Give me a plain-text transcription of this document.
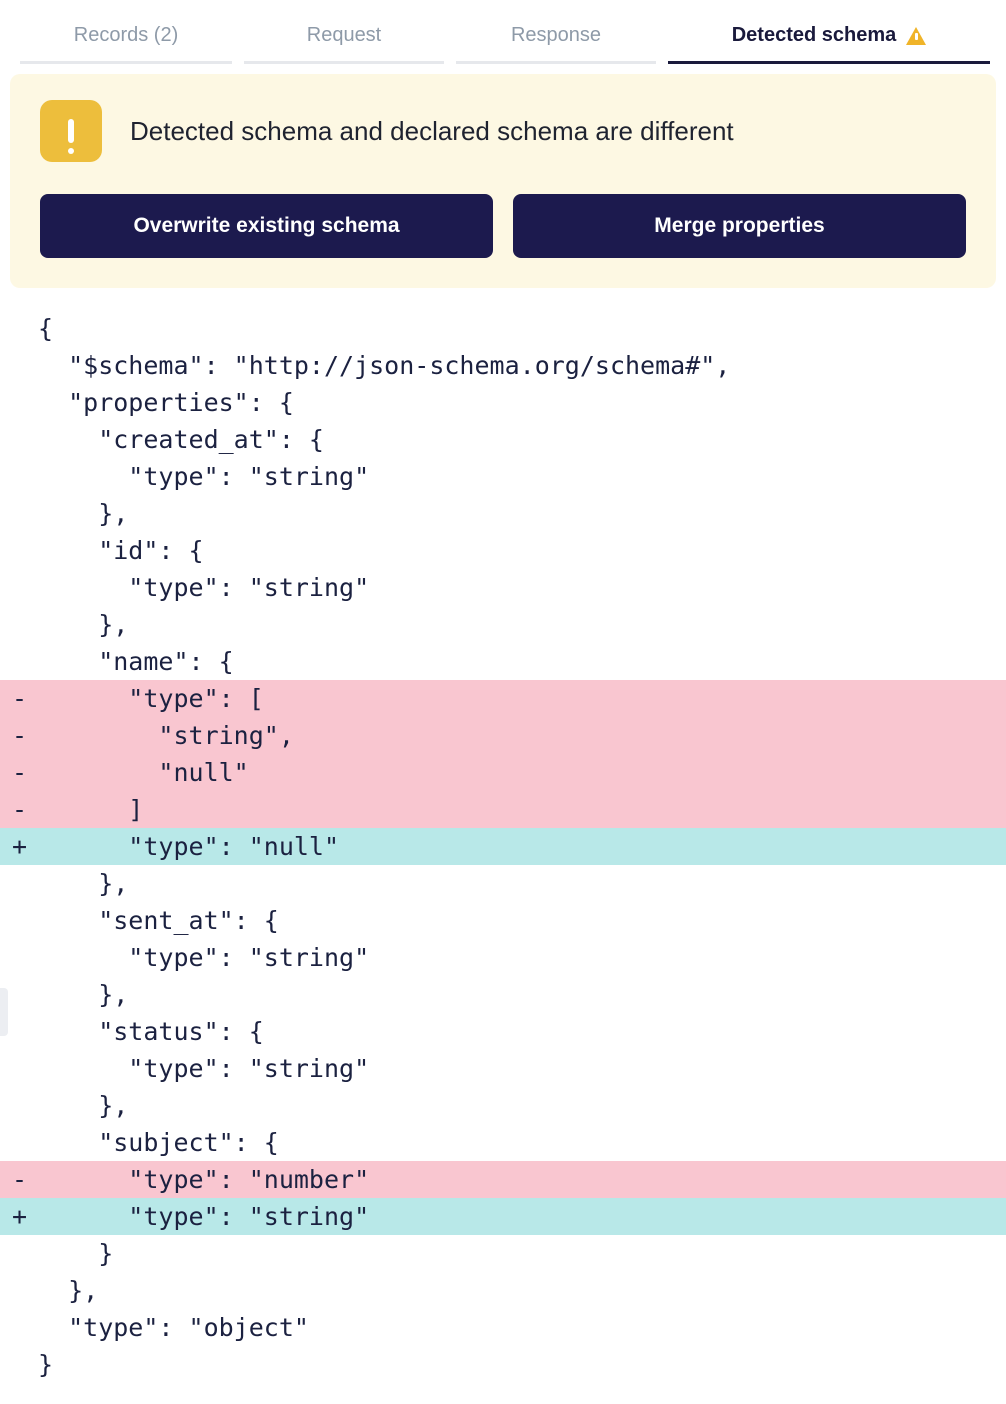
Records (2)	Request	Response	Detected schema
Detected schema and declared schema are different
Overwrite existing schema	Merge properties
{
"$schema": "http://json-schema.org/schema#",
"properties": {
"created_at": {
"type": "string"
},
"id": {
"type": "string"
},
"name": {
- "type": [
- "string",
- "null"
- ]
+ "type": "null"
},
"sent_at": {
"type": "string"
},
"status": {
"type": "string"
},
"subject": {
- "type": "number"
+ "type": "string"
}
},
"type": "object"
}
